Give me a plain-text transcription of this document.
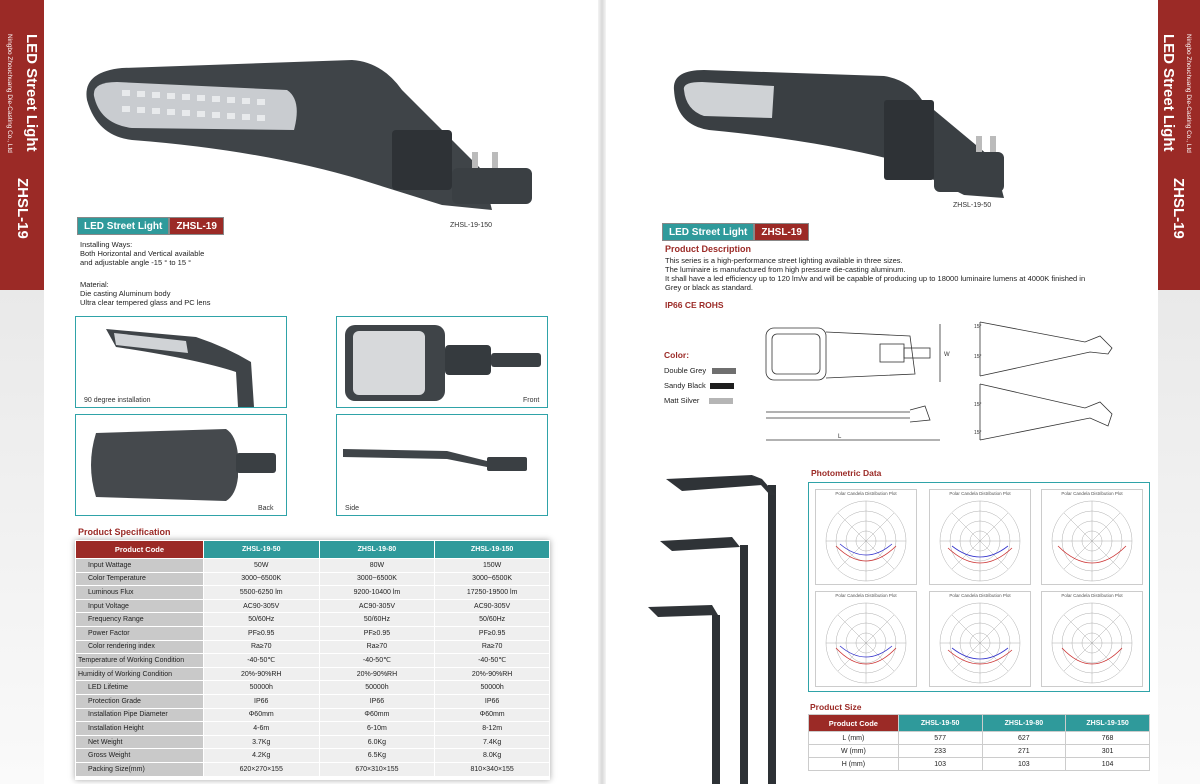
LED Street Light
Ningbo Zhouchuang Die-Casting Co., Ltd
ZHSL-19
LED Street Light Ningbo Zhouchuang Die-Casting Co., Ltd
ZHSL-19
ZHSL-19-150
LED Street Light	ZHSL-19
Installing Ways:
Both Horizontal and Vertical available
and adjustable angle -15 ° to 15 °
Material:
Die casting Aluminum body
Ultra clear tempered glass and PC lens
90 degree installation	Front
Back	Side
Product Specification
Product Code	ZHSL-19-50	ZHSL-19-80	ZHSL-19-150
Input Wattage	50W	80W	150W
Color Temperature	3000~6500K	3000~6500K	3000~6500K
Luminous Flux	5500-6250 lm	9200-10400 lm	17250-19500 lm
Input Voltage	AC90-305V	AC90-305V	AC90-305V
Frequency Range	50/60Hz	50/60Hz	50/60Hz
Power Factor	PF≥0.95	PF≥0.95	PF≥0.95
Color rendering index	Ra≥70	Ra≥70	Ra≥70
Temperature of Working Condition	-40-50℃	-40-50℃	-40-50℃
Humidity of Working Condition	20%-90%RH	20%-90%RH	20%-90%RH
LED Lifetime	50000h	50000h	50000h
Protection Grade	IP66	IP66	IP66
Installation Pipe Diameter	Φ60mm	Φ60mm	Φ60mm
Installation Height	4-6m	6-10m	8-12m
Net Weight	3.7Kg	6.0Kg	7.4Kg
Gross Weight	4.2Kg	6.5Kg	8.0Kg
Packing Size(mm)	620×270×155	670×310×155	810×340×155
ZHSL-19-50
LED Street Light	ZHSL-19
Product Description
This series is a high-performance street lighting available in three sizes.
The luminaire is manufactured from high pressure die-casting aluminum.
It shall have a led efficiency up to 120 lm/w and will be capable of producing up to 18000 luminaire lumens at 4000K finished in
Grey or black as standard.
IP66 CE ROHS
Color:
Double Grey
Sandy Black
Matt Silver
W
L
15°
15°
15°
15°
Photometric Data
Polar Candela Distribution Plot	Polar Candela Distribution Plot	Polar Candela Distribution Plot
Polar Candela Distribution Plot	Polar Candela Distribution Plot	Polar Candela Distribution Plot
Product Size
Product Code	ZHSL-19-50	ZHSL-19-80	ZHSL-19-150
L (mm)	577	627	768
W (mm)	233	271	301
H (mm)	103	103	104
